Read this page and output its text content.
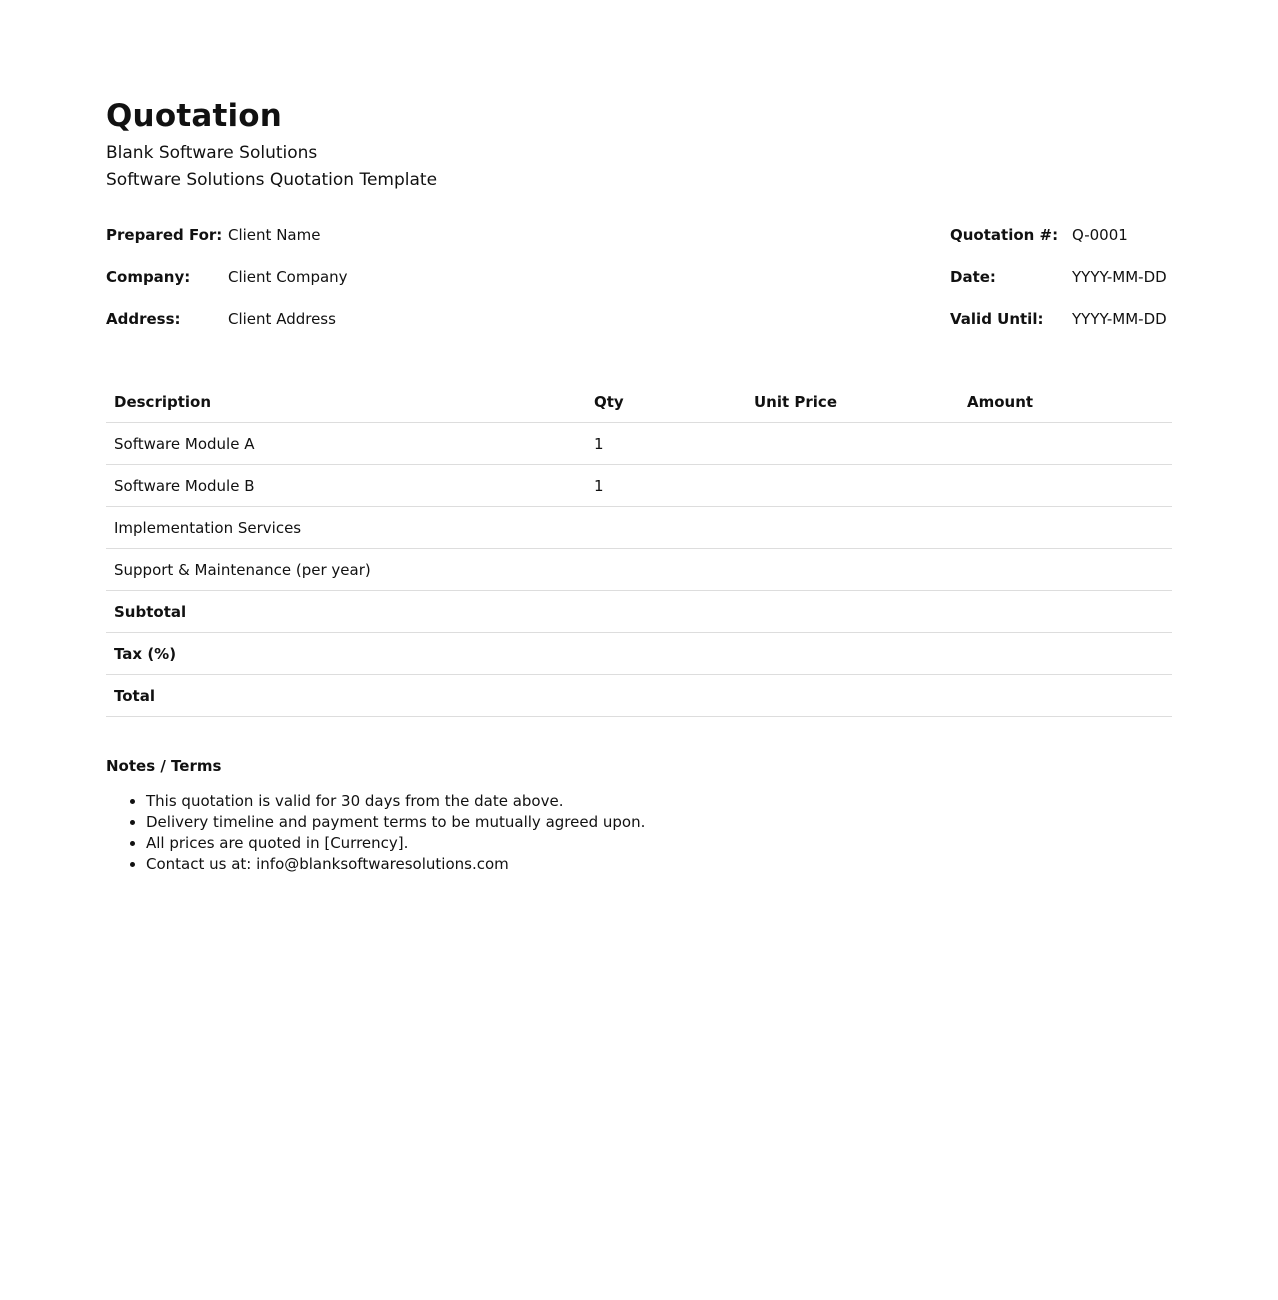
Quotation

Blank Software Solutions

Software Solutions Quotation Template

Prepared For: Client Name
Company:	Client Company
Address:	Client Address
Quotation #: Q-0001
Date:	YYYY-MM-DD
Valid Until:	YYYY-MM-DD
Description	Qty	Unit Price	Amount
Software Module A	1		
Software Module B	1		
Implementation Services			
Support & Maintenance (per year)			
Subtotal			
Tax (%)			
Total			

Notes / Terms

• This quotation is valid for 30 days from the date above.
• Delivery timeline and payment terms to be mutually agreed upon.
• All prices are quoted in [Currency].
• Contact us at: info@blanksoftwaresolutions.com
